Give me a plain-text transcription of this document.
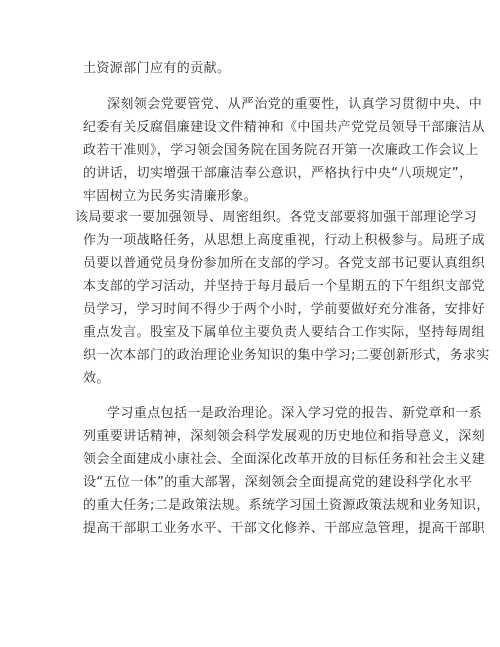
土资源部门应有的贡献。
深刻领会党要管党、从严治党的重要性，认真学习贯彻中央、中
纪委有关反腐倡廉建设文件精神和《中国共产党党员领导干部廉洁从
政若干准则》，学习领会国务院在国务院召开第一次廉政工作会议上
的讲话，切实增强干部廉洁奉公意识，严格执行中央“八项规定”，
牢固树立为民务实清廉形象。
该局要求一要加强领导、周密组织。各党支部要将加强干部理论学习
作为一项战略任务，从思想上高度重视，行动上积极参与。局班子成
员要以普通党员身份参加所在支部的学习。各党支部书记要认真组织
本支部的学习活动，并坚持于每月最后一个星期五的下午组织支部党
员学习，学习时间不得少于两个小时，学前要做好充分准备，安排好
重点发言。股室及下属单位主要负责人要结合工作实际，坚持每周组
织一次本部门的政治理论业务知识的集中学习;二要创新形式，务求实
效。
学习重点包括一是政治理论。深入学习党的报告、新党章和一系
列重要讲话精神，深刻领会科学发展观的历史地位和指导意义，深刻
领会全面建成小康社会、全面深化改革开放的目标任务和社会主义建
设“五位一体”的重大部署，深刻领会全面提高党的建设科学化水平
的重大任务;二是政策法规。系统学习国土资源政策法规和业务知识，
提高干部职工业务水平、干部文化修养、干部应急管理，提高干部职
